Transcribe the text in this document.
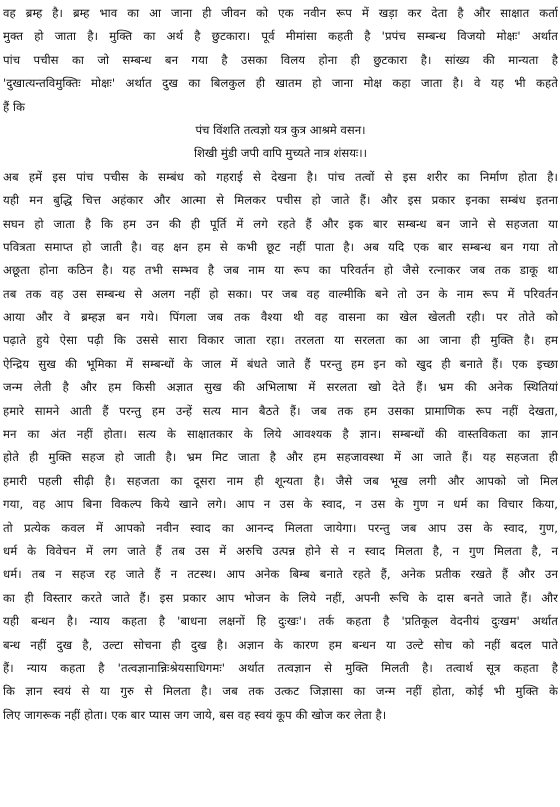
वह ब्रम्ह है। ब्रम्ह भाव का आ जाना ही जीवन को एक नवीन रूप में खड़ा कर देता है और साक्षात कर्ता
मुक्त हो जाता है। मुक्ति का अर्थ है छुटकारा। पूर्व मीमांसा कहती है 'प्रपंच सम्बन्ध विजयो मोक्षः' अर्थात
पांच पचीस का जो सम्बन्ध बन गया है उसका विलय होना ही छुटकारा है। सांख्य की मान्यता है
'दुखात्यन्तविमुक्तिः मोक्षः' अर्थात दुख का बिलकुल ही खातम हो जाना मोक्ष कहा जाता है। वे यह भी कहते
हैं कि
पंच विंशति तत्वज्ञो यत्र कुत्र आश्रमे वसन।
शिखी मुंडी जपी वापि मुच्यते नात्र शंसयः।।
अब हमें इस पांच पचीस के सम्बंध को गहराई से देखना है। पांच तत्वों से इस शरीर का निर्माण होता है।
यही मन बुद्धि चित्त अहंकार और आत्मा से मिलकर पचीस हो जाते हैं। और इस प्रकार इनका सम्बंध इतना
सघन हो जाता है कि हम उन की ही पूर्ति में लगे रहते हैं और इक बार सम्बन्ध बन जाने से सहजता या
पवित्रता समाप्त हो जाती है। वह क्षन हम से कभी छूट नहीं पाता है। अब यदि एक बार सम्बन्ध बन गया तो
अछूता होना कठिन है। यह तभी सम्भव है जब नाम या रूप का परिवर्तन हो जैसे रत्नाकर जब तक डाकू था
तब तक वह उस सम्बन्ध से अलग नहीं हो सका। पर जब वह वाल्मीकि बने तो उन के नाम रूप में परिवर्तन
आया और वे ब्रम्हज्ञ बन गये। पिंगला जब तक वैश्या थी वह वासना का खेल खेलती रही। पर तोते को
पढ़ाते हुये ऐसा पढ़ी कि उससे सारा विकार जाता रहा। तरलता या सरलता का आ जाना ही मुक्ति है। हम
ऐन्द्रिय सुख की भूमिका में सम्बन्धों के जाल में बंधते जाते हैं परन्तु हम इन को खुद ही बनाते हैं। एक इच्छा
जन्म लेती है और हम किसी अज्ञात सुख की अभिलाषा में सरलता खो देते हैं। भ्रम की अनेक स्थितियां
हमारे सामने आती हैं परन्तु हम उन्हें सत्य मान बैठते हैं। जब तक हम उसका प्रामाणिक रूप नहीं देखता,
मन का अंत नहीं होता। सत्य के साक्षातकार के लिये आवश्यक है ज्ञान। सम्बन्धों की वास्तविकता का ज्ञान
होते ही मुक्ति सहज हो जाती है। भ्रम मिट जाता है और हम सहजावस्था में आ जाते हैं। यह सहजता ही
हमारी पहली सीढ़ी है। सहजता का दूसरा नाम ही शून्यता है। जैसे जब भूख लगी और आपको जो मिल
गया, वह आप बिना विकल्प किये खाने लगे। आप न उस के स्वाद, न उस के गुण न धर्म का विचार किया,
तो प्रत्येक कवल में आपको नवीन स्वाद का आनन्द मिलता जायेगा। परन्तु जब आप उस के स्वाद, गुण,
धर्म के विवेचन में लग जाते हैं तब उस में अरुचि उत्पन्न होने से न स्वाद मिलता है, न गुण मिलता है, न
धर्म। तब न सहज रह जाते हैं न तटस्थ। आप अनेक बिम्ब बनाते रहते हैं, अनेक प्रतीक रखते हैं और उन
का ही विस्तार करते जाते हैं। इस प्रकार आप भोजन के लिये नहीं, अपनी रूचि के दास बनते जाते हैं। और
यही बन्धन है। न्याय कहता है 'बाधना लक्षनों हि दुःखः'। तर्क कहता है 'प्रतिकूल वेदनीयं दुःखम' अर्थात
बन्ध नहीं दुख है, उल्टा सोचना ही दुख है। अज्ञान के कारण हम बन्धन या उल्टे सोच को नहीं बदल पाते
हैं। न्याय कहता है 'तत्वज्ञानान्निःश्रेयसाधिगमः' अर्थात तत्वज्ञान से मुक्ति मिलती है। तत्वार्थ सूत्र कहता है
कि ज्ञान स्वयं से या गुरु से मिलता है। जब तक उत्कट जिज्ञासा का जन्म नहीं होता, कोई भी मुक्ति के
लिए जागरूक नहीं होता। एक बार प्यास जग जाये, बस वह स्वयं कूप की खोज कर लेता है।
